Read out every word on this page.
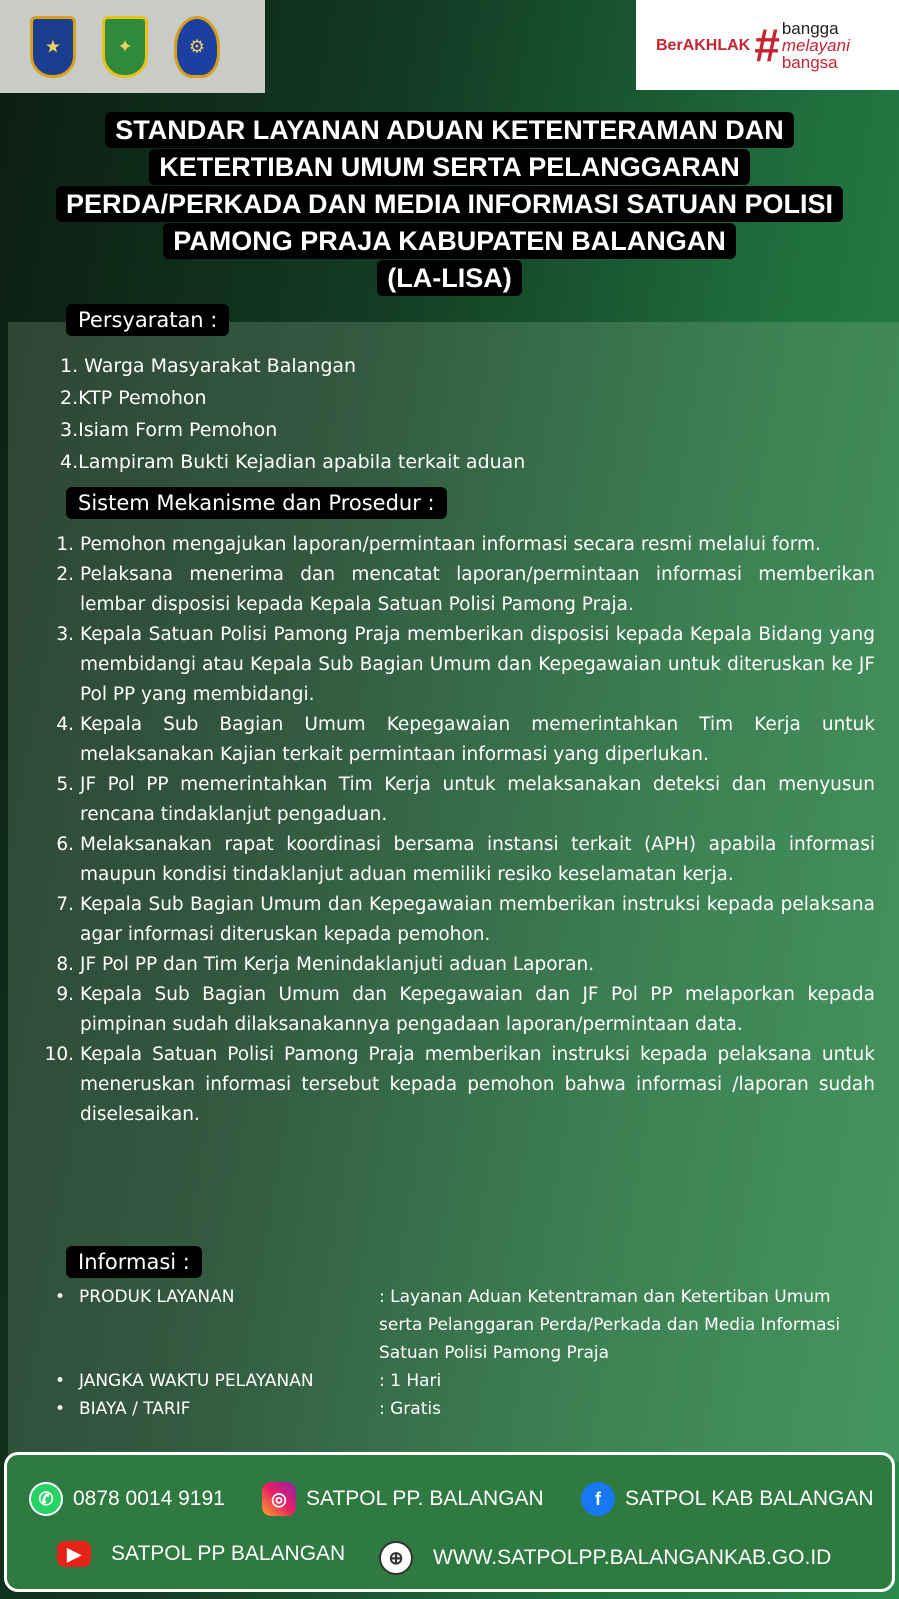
★	✦	⚙	BerAKHLAK # bangga
melayani
bangsa
STANDAR LAYANAN ADUAN KETENTERAMAN DAN
KETERTIBAN UMUM SERTA PELANGGARAN
PERDA/PERKADA DAN MEDIA INFORMASI SATUAN POLISI
PAMONG PRAJA KABUPATEN BALANGAN
(LA-LISA)
Persyaratan :
1. Warga Masyarakat Balangan
2.KTP Pemohon
3.Isiam Form Pemohon
4.Lampiram Bukti Kejadian apabila terkait aduan
Sistem Mekanisme dan Prosedur :
1. Pemohon mengajukan laporan/permintaan informasi secara resmi melalui form.
2. Pelaksana menerima dan mencatat laporan/permintaan informasi memberikan lembar disposisi kepada Kepala Satuan Polisi Pamong Praja.
3. Kepala Satuan Polisi Pamong Praja memberikan disposisi kepada Kepala Bidang yang membidangi atau Kepala Sub Bagian Umum dan Kepegawaian untuk diteruskan ke JF Pol PP yang membidangi.
4. Kepala Sub Bagian Umum Kepegawaian memerintahkan Tim Kerja untuk melaksanakan Kajian terkait permintaan informasi yang diperlukan.
5. JF Pol PP memerintahkan Tim Kerja untuk melaksanakan deteksi dan menyusun rencana tindaklanjut pengaduan.
6. Melaksanakan rapat koordinasi bersama instansi terkait (APH) apabila informasi maupun kondisi tindaklanjut aduan memiliki resiko keselamatan kerja.
7. Kepala Sub Bagian Umum dan Kepegawaian memberikan instruksi kepada pelaksana agar informasi diteruskan kepada pemohon.
8. JF Pol PP dan Tim Kerja Menindaklanjuti aduan Laporan.
9. Kepala Sub Bagian Umum dan Kepegawaian dan JF Pol PP melaporkan kepada pimpinan sudah dilaksanakannya pengadaan laporan/permintaan data.
10. Kepala Satuan Polisi Pamong Praja memberikan instruksi kepada pelaksana untuk meneruskan informasi tersebut kepada pemohon bahwa informasi /laporan sudah diselesaikan.
Informasi :
• PRODUK LAYANAN	: Layanan Aduan Ketentraman dan Ketertiban Umum serta Pelanggaran Perda/Perkada dan Media Informasi Satuan Polisi Pamong Praja
• JANGKA WAKTU PELAYANAN	: 1 Hari
• BIAYA / TARIF	: Gratis
✆ 0878 0014 9191	◎ SATPOL PP. BALANGAN	f	SATPOL KAB BALANGAN
▶	SATPOL PP BALANGAN	⊕	WWW.SATPOLPP.BALANGANKAB.GO.ID
